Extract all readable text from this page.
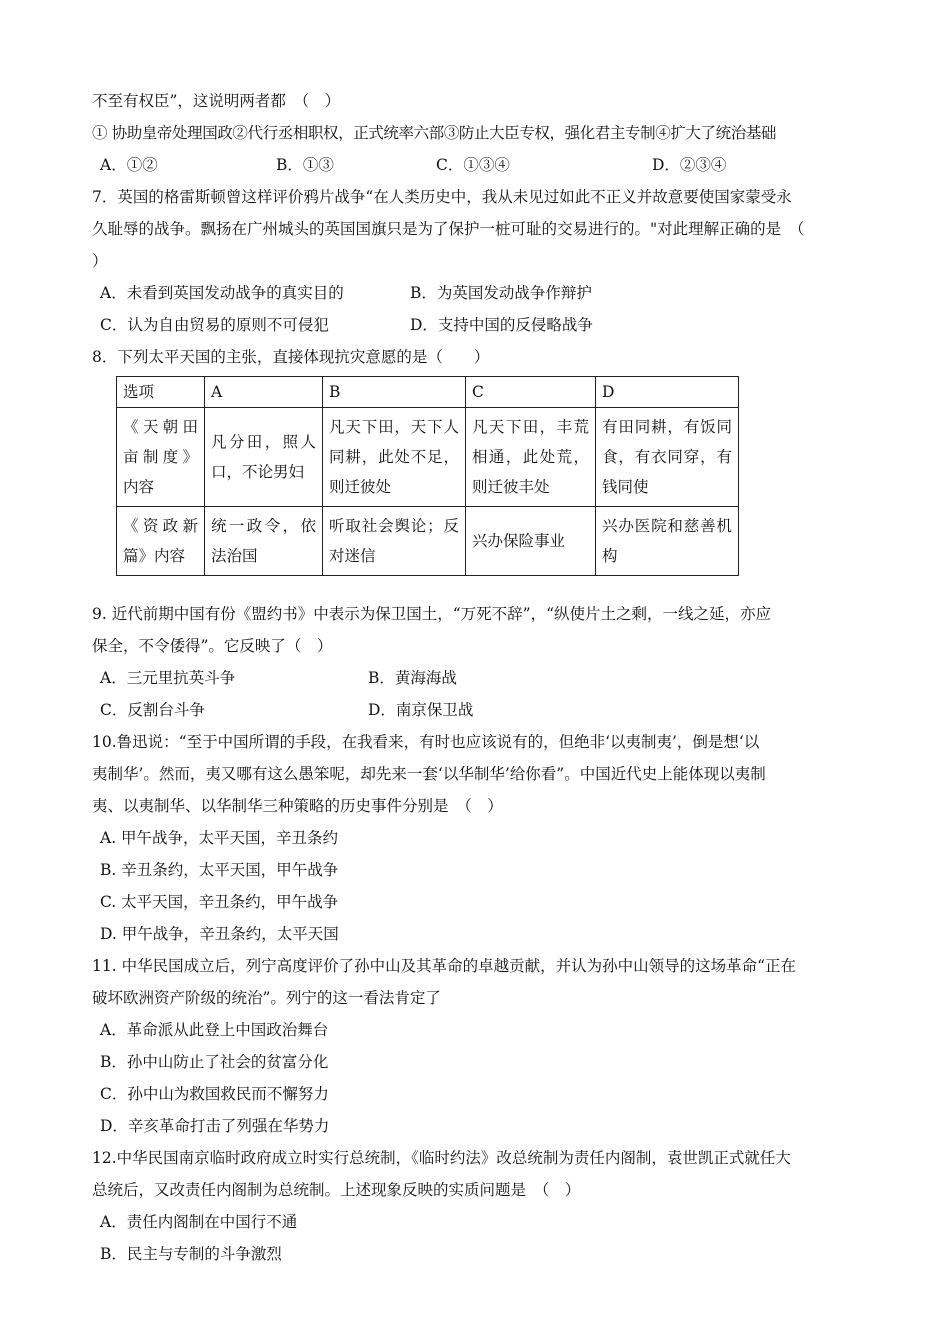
不至有权臣”，这说明两者都　（　）
① 协助皇帝处理国政②代行丞相职权，正式统率六部③防止大臣专权，强化君主专制④扩大了统治基础
A．①②	B．①③	C．①③④	D．②③④
7．英国的格雷斯顿曾这样评价鸦片战争“在人类历史中，我从未见过如此不正义并故意要使国家蒙受永
久耻辱的战争。飘扬在广州城头的英国国旗只是为了保护一桩可耻的交易进行的。"对此理解正确的是　（
）
A．未看到英国发动战争的真实目的	B．为英国发动战争作辩护
C．认为自由贸易的原则不可侵犯	D．支持中国的反侵略战争
8．下列太平天国的主张，直接体现抗灾意愿的是（　　）
选项	A	B	C	D
《天朝田亩制度》内容	凡分田，照人口，不论男妇	凡天下田，天下人同耕，此处不足，则迁彼处	凡天下田，丰荒相通，此处荒，则迁彼丰处	有田同耕，有饭同食，有衣同穿，有钱同使
《资政新篇》内容	统一政令，依法治国	听取社会舆论；反对迷信	兴办保险事业	兴办医院和慈善机构
9. 近代前期中国有份《盟约书》中表示为保卫国土，“万死不辞”，“纵使片土之剩，一线之延，亦应
保全，不令倭得”。它反映了（　）
A．三元里抗英斗争	B．黄海海战
C．反割台斗争	D．南京保卫战
10.鲁迅说：“至于中国所谓的手段，在我看来，有时也应该说有的，但绝非‘以夷制夷’，倒是想‘以
夷制华’。然而，夷又哪有这么愚笨呢，却先来一套‘以华制华’给你看”。中国近代史上能体现以夷制
夷、以夷制华、以华制华三种策略的历史事件分别是　（　）
A. 甲午战争，太平天国，辛丑条约
B. 辛丑条约，太平天国，甲午战争
C. 太平天国，辛丑条约，甲午战争
D. 甲午战争，辛丑条约，太平天国
11. 中华民国成立后，列宁高度评价了孙中山及其革命的卓越贡献，并认为孙中山领导的这场革命“正在
破坏欧洲资产阶级的统治”。列宁的这一看法肯定了
A．革命派从此登上中国政治舞台
B．孙中山防止了社会的贫富分化
C．孙中山为救国救民而不懈努力
D．辛亥革命打击了列强在华势力
12.中华民国南京临时政府成立时实行总统制，《临时约法》改总统制为责任内阁制，袁世凯正式就任大
总统后，又改责任内阁制为总统制。上述现象反映的实质问题是　（　）
A．责任内阁制在中国行不通
B．民主与专制的斗争激烈
